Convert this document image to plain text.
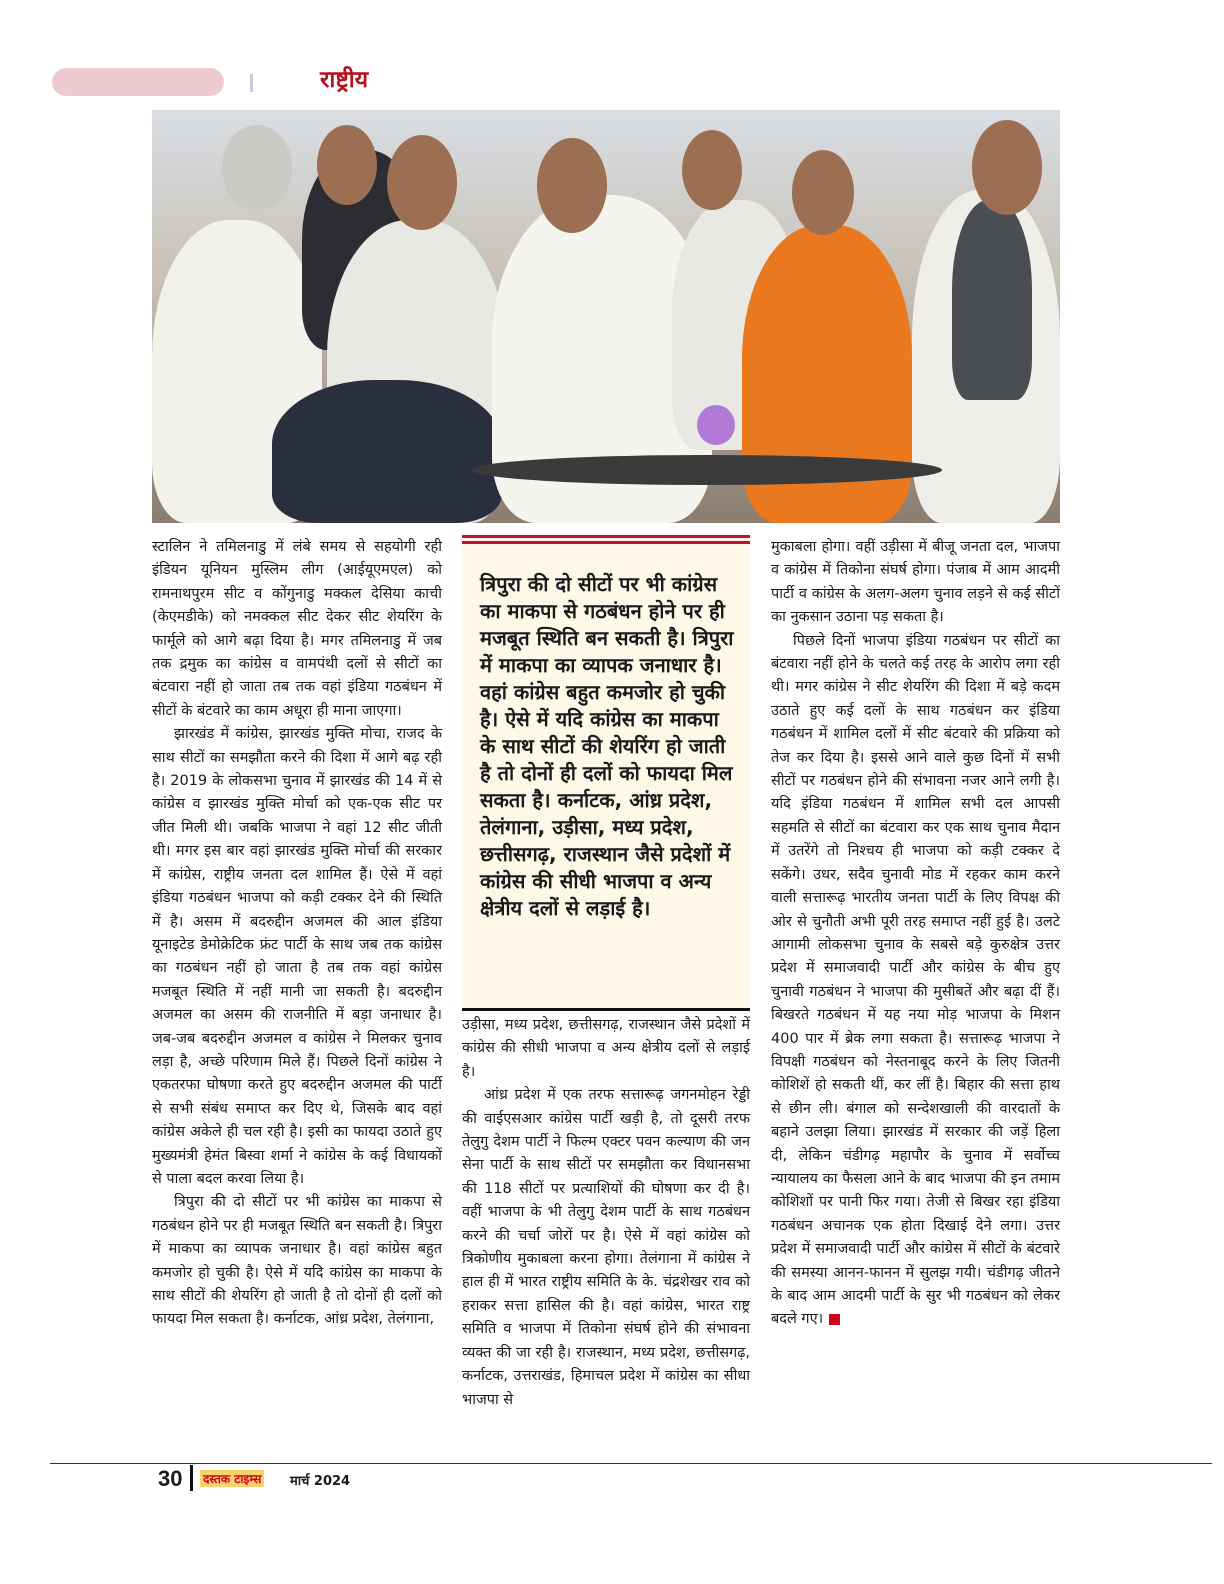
राष्ट्रीय

स्टालिन ने तमिलनाडु में लंबे समय से सहयोगी रही इंडियन यूनियन मुस्लिम लीग (आईयूएमएल) को रामनाथपुरम सीट व कोंगुनाडु मक्कल देसिया काची (केएमडीके) को नमक्कल सीट देकर सीट शेयरिंग के फार्मूले को आगे बढ़ा दिया है। मगर तमिलनाडु में जब तक द्रमुक का कांग्रेस व वामपंथी दलों से सीटों का बंटवारा नहीं हो जाता तब तक वहां इंडिया गठबंधन में सीटों के बंटवारे का काम अधूरा ही माना जाएगा।

झारखंड में कांग्रेस, झारखंड मुक्ति मोचा, राजद के साथ सीटों का समझौता करने की दिशा में आगे बढ़ रही है। 2019 के लोकसभा चुनाव में झारखंड की 14 में से कांग्रेस व झारखंड मुक्ति मोर्चा को एक-एक सीट पर जीत मिली थी। जबकि भाजपा ने वहां 12 सीट जीती थी। मगर इस बार वहां झारखंड मुक्ति मोर्चा की सरकार में कांग्रेस, राष्ट्रीय जनता दल शामिल हैं। ऐसे में वहां इंडिया गठबंधन भाजपा को कड़ी टक्कर देने की स्थिति में है। असम में बदरुद्दीन अजमल की आल इंडिया यूनाइटेड डेमोक्रेटिक फ्रंट पार्टी के साथ जब तक कांग्रेस का गठबंधन नहीं हो जाता है तब तक वहां कांग्रेस मजबूत स्थिति में नहीं मानी जा सकती है। बदरुद्दीन अजमल का असम की राजनीति में बड़ा जनाधार है। जब-जब बदरुद्दीन अजमल व कांग्रेस ने मिलकर चुनाव लड़ा है, अच्छे परिणाम मिले हैं। पिछले दिनों कांग्रेस ने एकतरफा घोषणा करते हुए बदरुद्दीन अजमल की पार्टी से सभी संबंध समाप्त कर दिए थे, जिसके बाद वहां कांग्रेस अकेले ही चल रही है। इसी का फायदा उठाते हुए मुख्यमंत्री हेमंत बिस्वा शर्मा ने कांग्रेस के कई विधायकों से पाला बदल करवा लिया है।

त्रिपुरा की दो सीटों पर भी कांग्रेस का माकपा से गठबंधन होने पर ही मजबूत स्थिति बन सकती है। त्रिपुरा में माकपा का व्यापक जनाधार है। वहां कांग्रेस बहुत कमजोर हो चुकी है। ऐसे में यदि कांग्रेस का माकपा के साथ सीटों की शेयरिंग हो जाती है तो दोनों ही दलों को फायदा मिल सकता है। कर्नाटक, आंध्र प्रदेश, तेलंगाना,

त्रिपुरा की दो सीटों पर भी कांग्रेस का माकपा से गठबंधन होने पर ही मजबूत स्थिति बन सकती है। त्रिपुरा में माकपा का व्यापक जनाधार है। वहां कांग्रेस बहुत कमजोर हो चुकी है। ऐसे में यदि कांग्रेस का माकपा के साथ सीटों की शेयरिंग हो जाती है तो दोनों ही दलों को फायदा मिल सकता है। कर्नाटक, आंध्र प्रदेश, तेलंगाना, उड़ीसा, मध्य प्रदेश, छत्तीसगढ़, राजस्थान जैसे प्रदेशों में कांग्रेस की सीधी भाजपा व अन्य क्षेत्रीय दलों से लड़ाई है।

उड़ीसा, मध्य प्रदेश, छत्तीसगढ़, राजस्थान जैसे प्रदेशों में कांग्रेस की सीधी भाजपा व अन्य क्षेत्रीय दलों से लड़ाई है।

आंध्र प्रदेश में एक तरफ सत्तारूढ़ जगनमोहन रेड्डी की वाईएसआर कांग्रेस पार्टी खड़ी है, तो दूसरी तरफ तेलुगु देशम पार्टी ने फिल्म एक्टर पवन कल्याण की जन सेना पार्टी के साथ सीटों पर समझौता कर विधानसभा की 118 सीटों पर प्रत्याशियों की घोषणा कर दी है। वहीं भाजपा के भी तेलुगु देशम पार्टी के साथ गठबंधन करने की चर्चा जोरों पर है। ऐसे में वहां कांग्रेस को त्रिकोणीय मुकाबला करना होगा। तेलंगाना में कांग्रेस ने हाल ही में भारत राष्ट्रीय समिति के के. चंद्रशेखर राव को हराकर सत्ता हासिल की है। वहां कांग्रेस, भारत राष्ट्र समिति व भाजपा में तिकोना संघर्ष होने की संभावना व्यक्त की जा रही है। राजस्थान, मध्य प्रदेश, छत्तीसगढ़, कर्नाटक, उत्तराखंड, हिमाचल प्रदेश में कांग्रेस का सीधा भाजपा से

मुकाबला होगा। वहीं उड़ीसा में बीजू जनता दल, भाजपा व कांग्रेस में तिकोना संघर्ष होगा। पंजाब में आम आदमी पार्टी व कांग्रेस के अलग-अलग चुनाव लड़ने से कई सीटों का नुकसान उठाना पड़ सकता है।

पिछले दिनों भाजपा इंडिया गठबंधन पर सीटों का बंटवारा नहीं होने के चलते कई तरह के आरोप लगा रही थी। मगर कांग्रेस ने सीट शेयरिंग की दिशा में बड़े कदम उठाते हुए कई दलों के साथ गठबंधन कर इंडिया गठबंधन में शामिल दलों में सीट बंटवारे की प्रक्रिया को तेज कर दिया है। इससे आने वाले कुछ दिनों में सभी सीटों पर गठबंधन होने की संभावना नजर आने लगी है। यदि इंडिया गठबंधन में शामिल सभी दल आपसी सहमति से सीटों का बंटवारा कर एक साथ चुनाव मैदान में उतरेंगे तो निश्चय ही भाजपा को कड़ी टक्कर दे सकेंगे। उधर, सदैव चुनावी मोड में रहकर काम करने वाली सत्तारूढ़ भारतीय जनता पार्टी के लिए विपक्ष की ओर से चुनौती अभी पूरी तरह समाप्त नहीं हुई है। उलटे आगामी लोकसभा चुनाव के सबसे बड़े कुरुक्षेत्र उत्तर प्रदेश में समाजवादी पार्टी और कांग्रेस के बीच हुए चुनावी गठबंधन ने भाजपा की मुसीबतें और बढ़ा दीं हैं। बिखरते गठबंधन में यह नया मोड़ भाजपा के मिशन 400 पार में ब्रेक लगा सकता है। सत्तारूढ़ भाजपा ने विपक्षी गठबंधन को नेस्तनाबूद करने के लिए जितनी कोशिशें हो सकती थीं, कर लीं है। बिहार की सत्ता हाथ से छीन ली। बंगाल को सन्देशखाली की वारदातों के बहाने उलझा लिया। झारखंड में सरकार की जड़ें हिला दी, लेकिन चंडीगढ़ महापौर के चुनाव में सर्वोच्च न्यायालय का फैसला आने के बाद भाजपा की इन तमाम कोशिशों पर पानी फिर गया। तेजी से बिखर रहा इंडिया गठबंधन अचानक एक होता दिखाई देने लगा। उत्तर प्रदेश में समाजवादी पार्टी और कांग्रेस में सीटों के बंटवारे की समस्या आनन-फानन में सुलझ गयी। चंडीगढ़ जीतने के बाद आम आदमी पार्टी के सुर भी गठबंधन को लेकर बदले गए।

30 दस्तक टाइम्स मार्च 2024
